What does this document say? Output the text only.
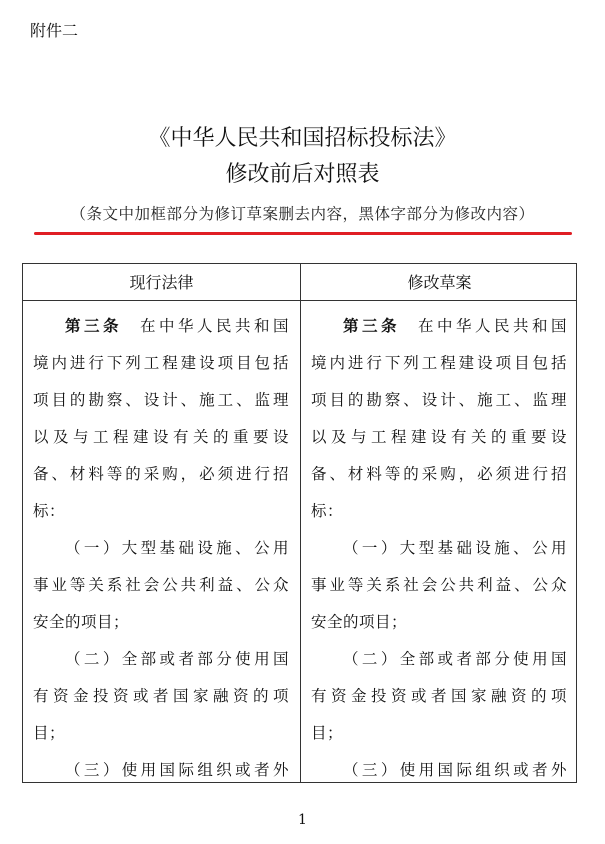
附件二
《中华人民共和国招标投标法》
修改前后对照表
（条文中加框部分为修订草案删去内容，黑体字部分为修改内容）
现行法律	修改草案
第三条 在中华人民共和国
境内进行下列工程建设项目包括
项目的勘察、设计、施工、监理
以及与工程建设有关的重要设
备、材料等的采购，必须进行招
标：
（一）大型基础设施、公用
事业等关系社会公共利益、公众
安全的项目；
（二）全部或者部分使用国
有资金投资或者国家融资的项
目；
（三）使用国际组织或者外
第三条 在中华人民共和国
境内进行下列工程建设项目包括
项目的勘察、设计、施工、监理
以及与工程建设有关的重要设
备、材料等的采购，必须进行招
标：
（一）大型基础设施、公用
事业等关系社会公共利益、公众
安全的项目；
（二）全部或者部分使用国
有资金投资或者国家融资的项
目；
（三）使用国际组织或者外
1
